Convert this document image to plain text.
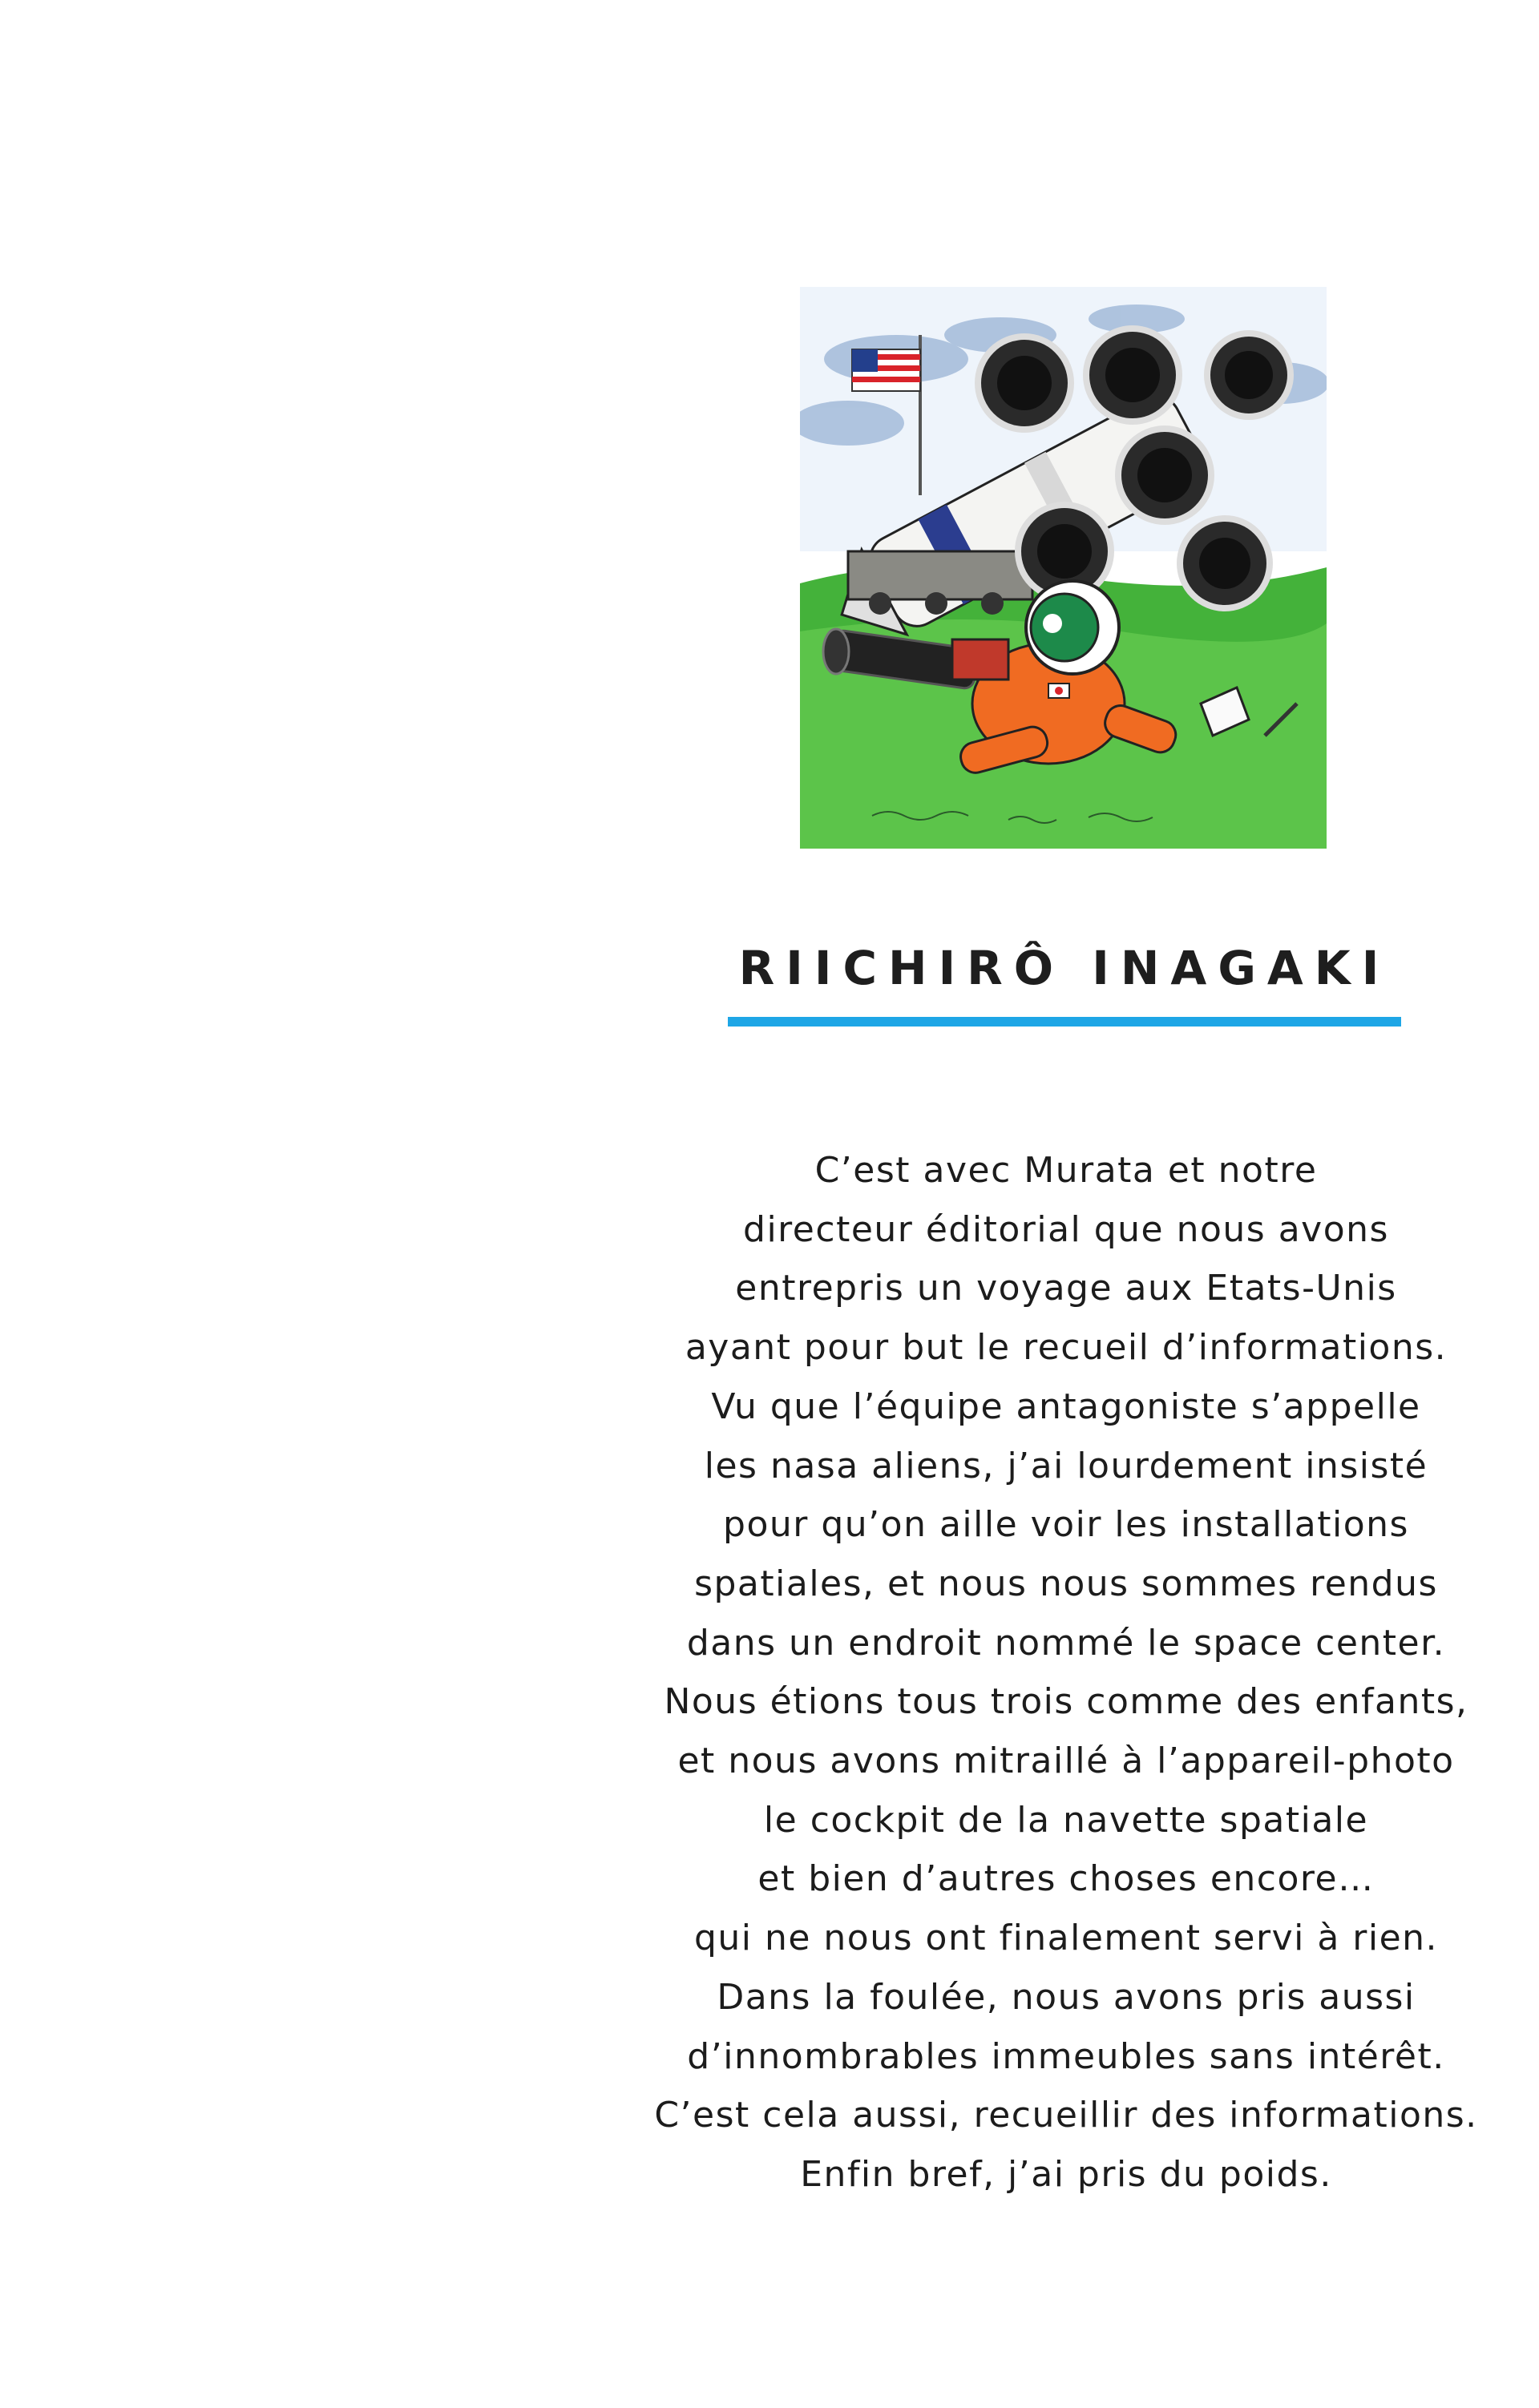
RIICHIRÔ INAGAKI
C’est avec Murata et notre
directeur éditorial que nous avons
entrepris un voyage aux Etats-Unis
ayant pour but le recueil d’informations.
Vu que l’équipe antagoniste s’appelle
les nasa aliens, j’ai lourdement insisté
pour qu’on aille voir les installations
spatiales, et nous nous sommes rendus
dans un endroit nommé le space center.
Nous étions tous trois comme des enfants,
et nous avons mitraillé à l’appareil-photo
le cockpit de la navette spatiale
et bien d’autres choses encore…
qui ne nous ont finalement servi à rien.
Dans la foulée, nous avons pris aussi
d’innombrables immeubles sans intérêt.
C’est cela aussi, recueillir des informations.
Enfin bref, j’ai pris du poids.
